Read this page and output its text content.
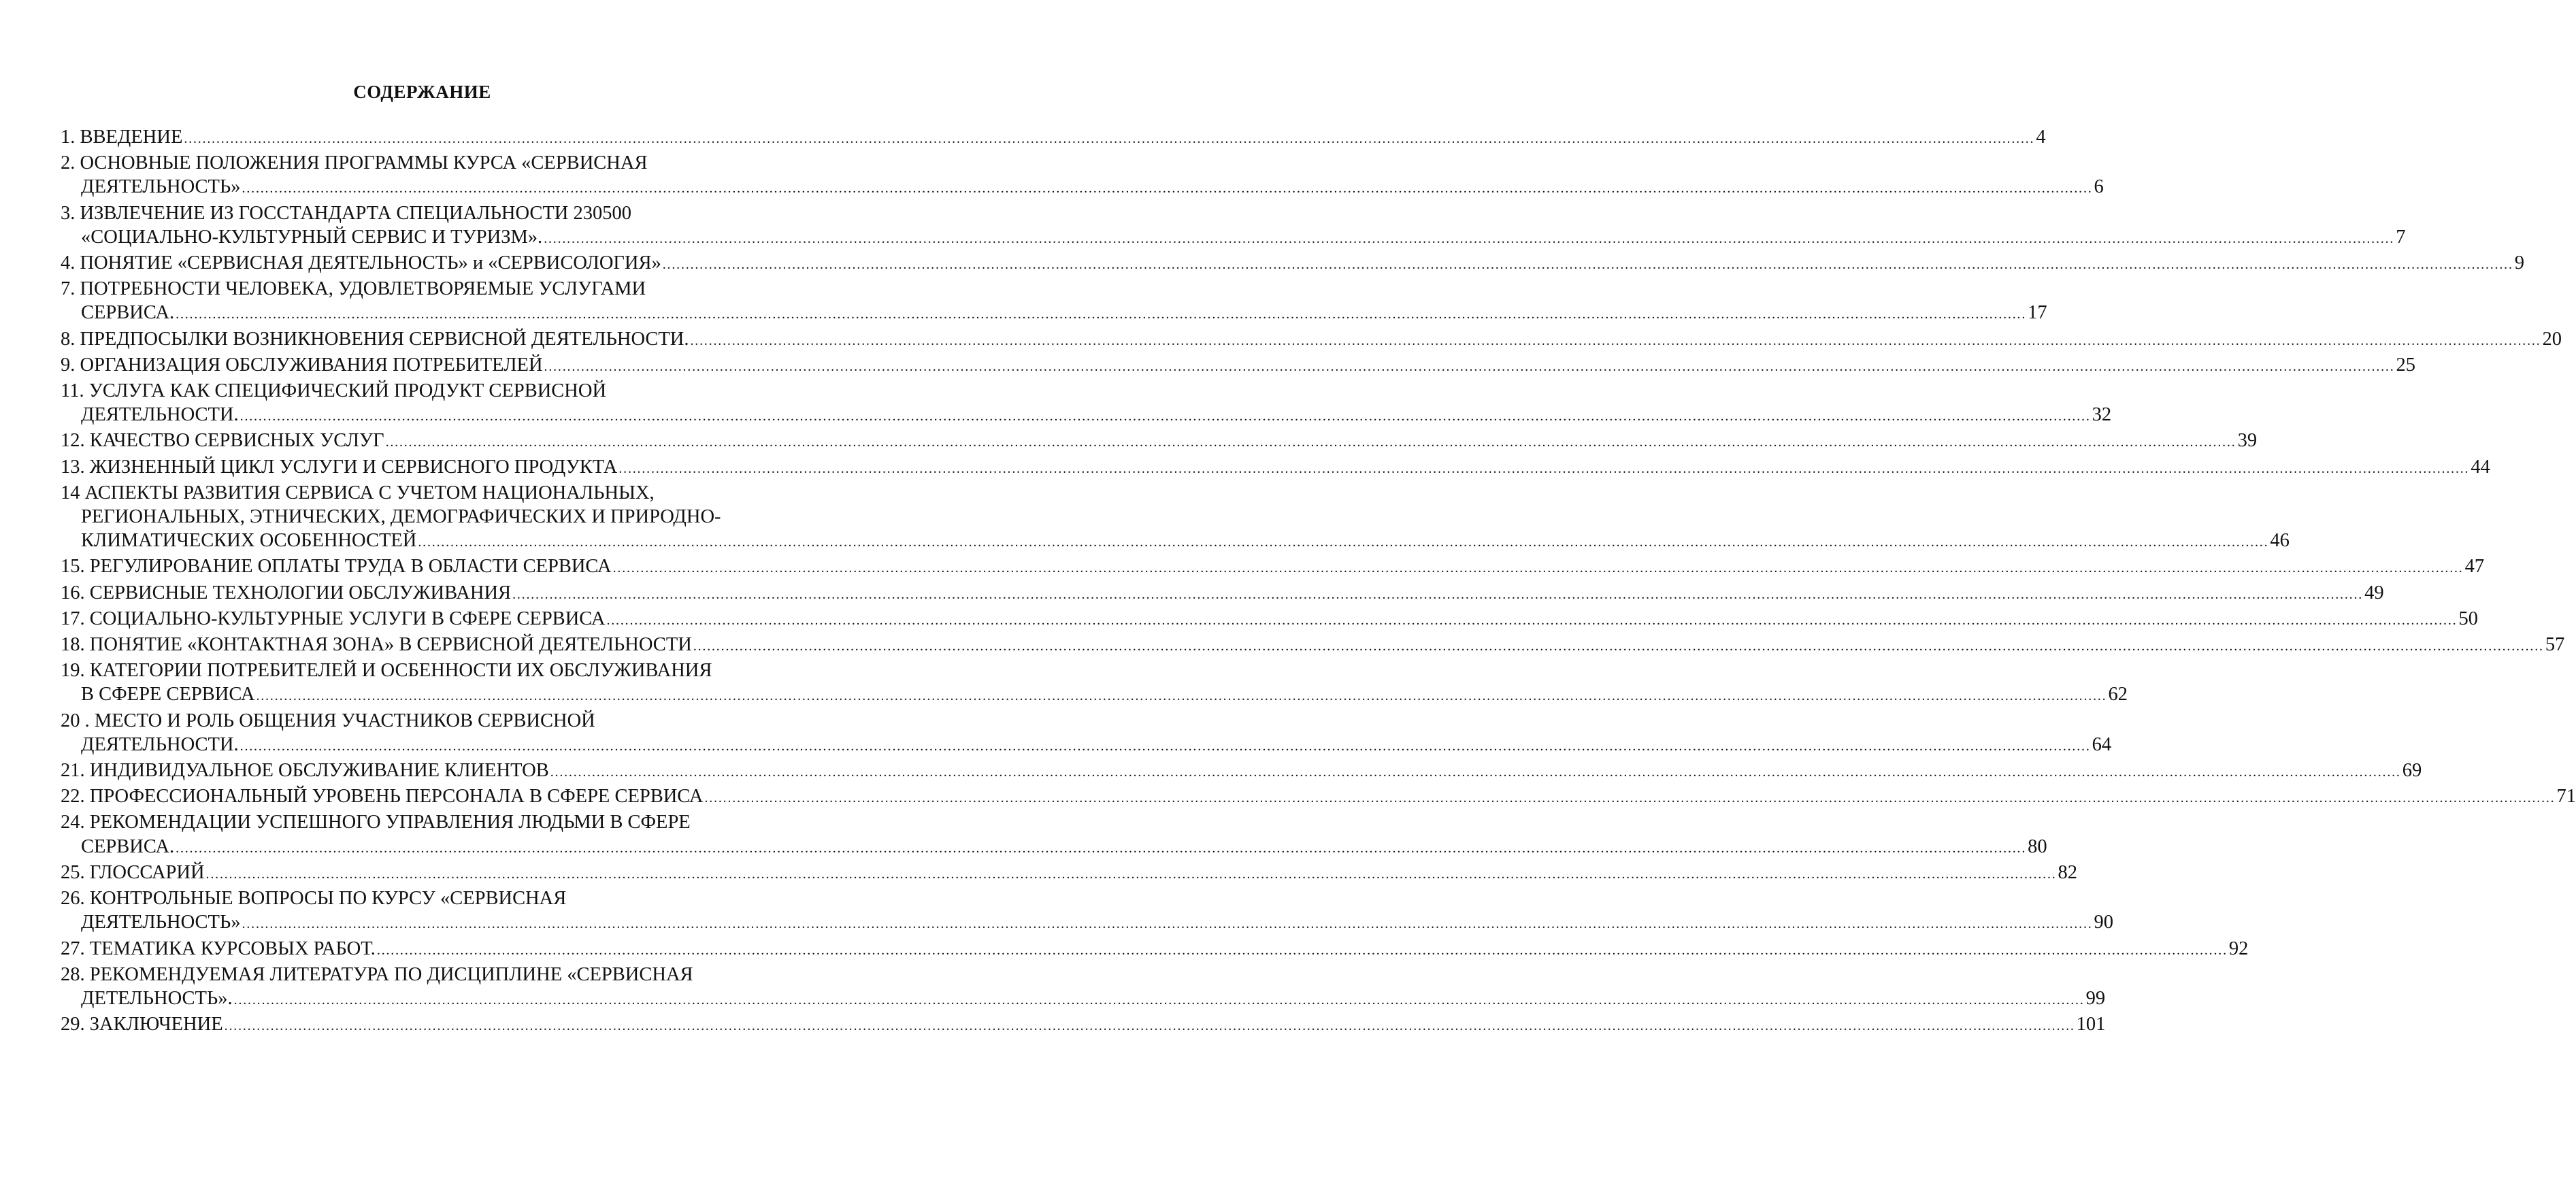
СОДЕРЖАНИЕ
1. ВВЕДЕНИЕ ................................................................................................................................................................................................................................................................................................................................................................................................................ 4
2. ОСНОВНЫЕ ПОЛОЖЕНИЯ ПРОГРАММЫ КУРСА «СЕРВИСНАЯ
ДЕЯТЕЛЬНОСТЬ» ................................................................................................................................................................................................................................................................................................................................................................................................................ 6
3. ИЗВЛЕЧЕНИЕ ИЗ ГОССТАНДАРТА СПЕЦИАЛЬНОСТИ 230500
«СОЦИАЛЬНО-КУЛЬТУРНЫЙ СЕРВИС И ТУРИЗМ». ................................................................................................................................................................................................................................................................................................................................................................................................................ 7
4. ПОНЯТИЕ «СЕРВИСНАЯ ДЕЯТЕЛЬНОСТЬ» и «СЕРВИСОЛОГИЯ» ................................................................................................................................................................................................................................................................................................................................................................................................................ 9
7. ПОТРЕБНОСТИ ЧЕЛОВЕКА, УДОВЛЕТВОРЯЕМЫЕ УСЛУГАМИ
СЕРВИСА. ................................................................................................................................................................................................................................................................................................................................................................................................................ 17
8. ПРЕДПОСЫЛКИ ВОЗНИКНОВЕНИЯ СЕРВИСНОЙ ДЕЯТЕЛЬНОСТИ. ................................................................................................................................................................................................................................................................................................................................................................................................................ 20
9. ОРГАНИЗАЦИЯ ОБСЛУЖИВАНИЯ ПОТРЕБИТЕЛЕЙ ................................................................................................................................................................................................................................................................................................................................................................................................................ 25
11. УСЛУГА КАК СПЕЦИФИЧЕСКИЙ ПРОДУКТ СЕРВИСНОЙ
ДЕЯТЕЛЬНОСТИ. ................................................................................................................................................................................................................................................................................................................................................................................................................ 32
12. КАЧЕСТВО СЕРВИСНЫХ УСЛУГ ................................................................................................................................................................................................................................................................................................................................................................................................................ 39
13. ЖИЗНЕННЫЙ ЦИКЛ УСЛУГИ И СЕРВИСНОГО ПРОДУКТА ................................................................................................................................................................................................................................................................................................................................................................................................................ 44
14 АСПЕКТЫ РАЗВИТИЯ СЕРВИСА С УЧЕТОМ НАЦИОНАЛЬНЫХ,
РЕГИОНАЛЬНЫХ, ЭТНИЧЕСКИХ, ДЕМОГРАФИЧЕСКИХ И ПРИРОДНО-
КЛИМАТИЧЕСКИХ ОСОБЕННОСТЕЙ ................................................................................................................................................................................................................................................................................................................................................................................................................ 46
15. РЕГУЛИРОВАНИЕ ОПЛАТЫ ТРУДА В ОБЛАСТИ СЕРВИСА ................................................................................................................................................................................................................................................................................................................................................................................................................ 47
16. СЕРВИСНЫЕ ТЕХНОЛОГИИ ОБСЛУЖИВАНИЯ ................................................................................................................................................................................................................................................................................................................................................................................................................ 49
17. СОЦИАЛЬНО-КУЛЬТУРНЫЕ УСЛУГИ В СФЕРЕ СЕРВИСА ................................................................................................................................................................................................................................................................................................................................................................................................................ 50
18. ПОНЯТИЕ «КОНТАКТНАЯ ЗОНА» В СЕРВИСНОЙ ДЕЯТЕЛЬНОСТИ ................................................................................................................................................................................................................................................................................................................................................................................................................ 57
19. КАТЕГОРИИ ПОТРЕБИТЕЛЕЙ И ОСБЕННОСТИ ИХ ОБСЛУЖИВАНИЯ
В СФЕРЕ СЕРВИСА ................................................................................................................................................................................................................................................................................................................................................................................................................ 62
20 . МЕСТО И РОЛЬ ОБЩЕНИЯ УЧАСТНИКОВ СЕРВИСНОЙ
ДЕЯТЕЛЬНОСТИ. ................................................................................................................................................................................................................................................................................................................................................................................................................ 64
21. ИНДИВИДУАЛЬНОЕ ОБСЛУЖИВАНИЕ КЛИЕНТОВ ................................................................................................................................................................................................................................................................................................................................................................................................................ 69
22. ПРОФЕССИОНАЛЬНЫЙ УРОВЕНЬ ПЕРСОНАЛА В СФЕРЕ СЕРВИСА ................................................................................................................................................................................................................................................................................................................................................................................................................ 71
24. РЕКОМЕНДАЦИИ УСПЕШНОГО УПРАВЛЕНИЯ ЛЮДЬМИ В СФЕРЕ
СЕРВИСА. ................................................................................................................................................................................................................................................................................................................................................................................................................ 80
25. ГЛОССАРИЙ ................................................................................................................................................................................................................................................................................................................................................................................................................ 82
26. КОНТРОЛЬНЫЕ ВОПРОСЫ ПО КУРСУ «СЕРВИСНАЯ
ДЕЯТЕЛЬНОСТЬ» ................................................................................................................................................................................................................................................................................................................................................................................................................ 90
27. ТЕМАТИКА КУРСОВЫХ РАБОТ. ................................................................................................................................................................................................................................................................................................................................................................................................................ 92
28. РЕКОМЕНДУЕМАЯ ЛИТЕРАТУРА ПО ДИСЦИПЛИНЕ «СЕРВИСНАЯ
ДЕТЕЛЬНОСТЬ». ................................................................................................................................................................................................................................................................................................................................................................................................................ 99
29. ЗАКЛЮЧЕНИЕ ................................................................................................................................................................................................................................................................................................................................................................................................................ 101
